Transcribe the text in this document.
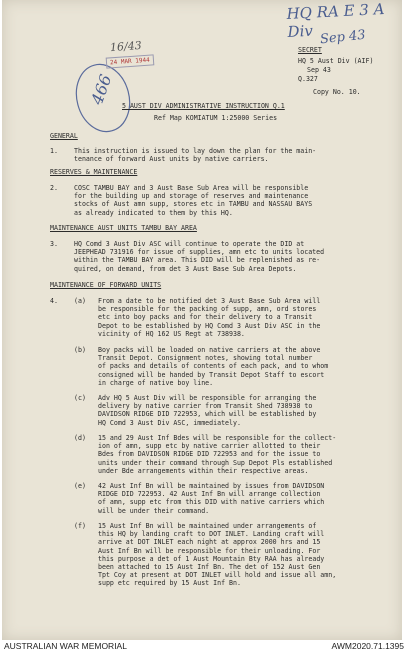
HQ RA E 3 A Div Sep 43
16/43
466
24 MAR 1944
SECRET
HQ 5 Aust Div (AIF)
Sep 43
Q.327
Copy No. 10.
5 AUST DIV ADMINISTRATIVE INSTRUCTION Q.1
Ref Map KOMIATUM 1:25000 Series
GENERAL
1. This instruction is issued to lay down the plan for the main-
tenance of forward Aust units by native carriers.
RESERVES & MAINTENANCE
2. COSC TAMBU BAY and 3 Aust Base Sub Area will be responsible
for the building up and storage of reserves and maintenance
stocks of Aust amn supp, stores etc in TAMBU and NASSAU BAYS
as already indicated to them by this HQ.
MAINTENANCE AUST UNITS TAMBU BAY AREA
3. HQ Comd 3 Aust Div ASC will continue to operate the DID at
JEEPHEAD 731916 for issue of supplies, amn etc to units located
within the TAMBU BAY area. This DID will be replenished as re-
quired, on demand, from det 3 Aust Base Sub Area Depots.
MAINTENANCE OF FORWARD UNITS
4. (a) From a date to be notified det 3 Aust Base Sub Area will
be responsible for the packing of supp, amn, ord stores
etc into boy packs and for their delivery to a Transit
Depot to be established by HQ Comd 3 Aust Div ASC in the
vicinity of HQ 162 US Regt at 738938.
(b) Boy packs will be loaded on native carriers at the above
Transit Depot. Consignment notes, showing total number
of packs and details of contents of each pack, and to whom
consigned will be handed by Transit Depot Staff to escort
in charge of native boy line.
(c) Adv HQ 5 Aust Div will be responsible for arranging the
delivery by native carrier from Transit Shed 738938 to
DAVIDSON RIDGE DID 722953, which will be established by
HQ Comd 3 Aust Div ASC, immediately.
(d) 15 and 29 Aust Inf Bdes will be responsible for the collect-
ion of amn, supp etc by native carrier allotted to their
Bdes from DAVIDSON RIDGE DID 722953 and for the issue to
units under their command through Sup Depot Pls established
under Bde arrangements within their respective areas.
(e) 42 Aust Inf Bn will be maintained by issues from DAVIDSON
RIDGE DID 722953. 42 Aust Inf Bn will arrange collection
of amn, supp etc from this DID with native carriers which
will be under their command.
(f) 15 Aust Inf Bn will be maintained under arrangements of
this HQ by landing craft to DOT INLET. Landing craft will
arrive at DOT INLET each night at approx 2000 hrs and 15
Aust Inf Bn will be responsible for their unloading. For
this purpose a det of 1 Aust Mountain Bty RAA has already
been attached to 15 Aust Inf Bn. The det of 152 Aust Gen
Tpt Coy at present at DOT INLET will hold and issue all amn,
supp etc required by 15 Aust Inf Bn.
AUSTRALIAN WAR MEMORIAL	AWM2020.71.1395
